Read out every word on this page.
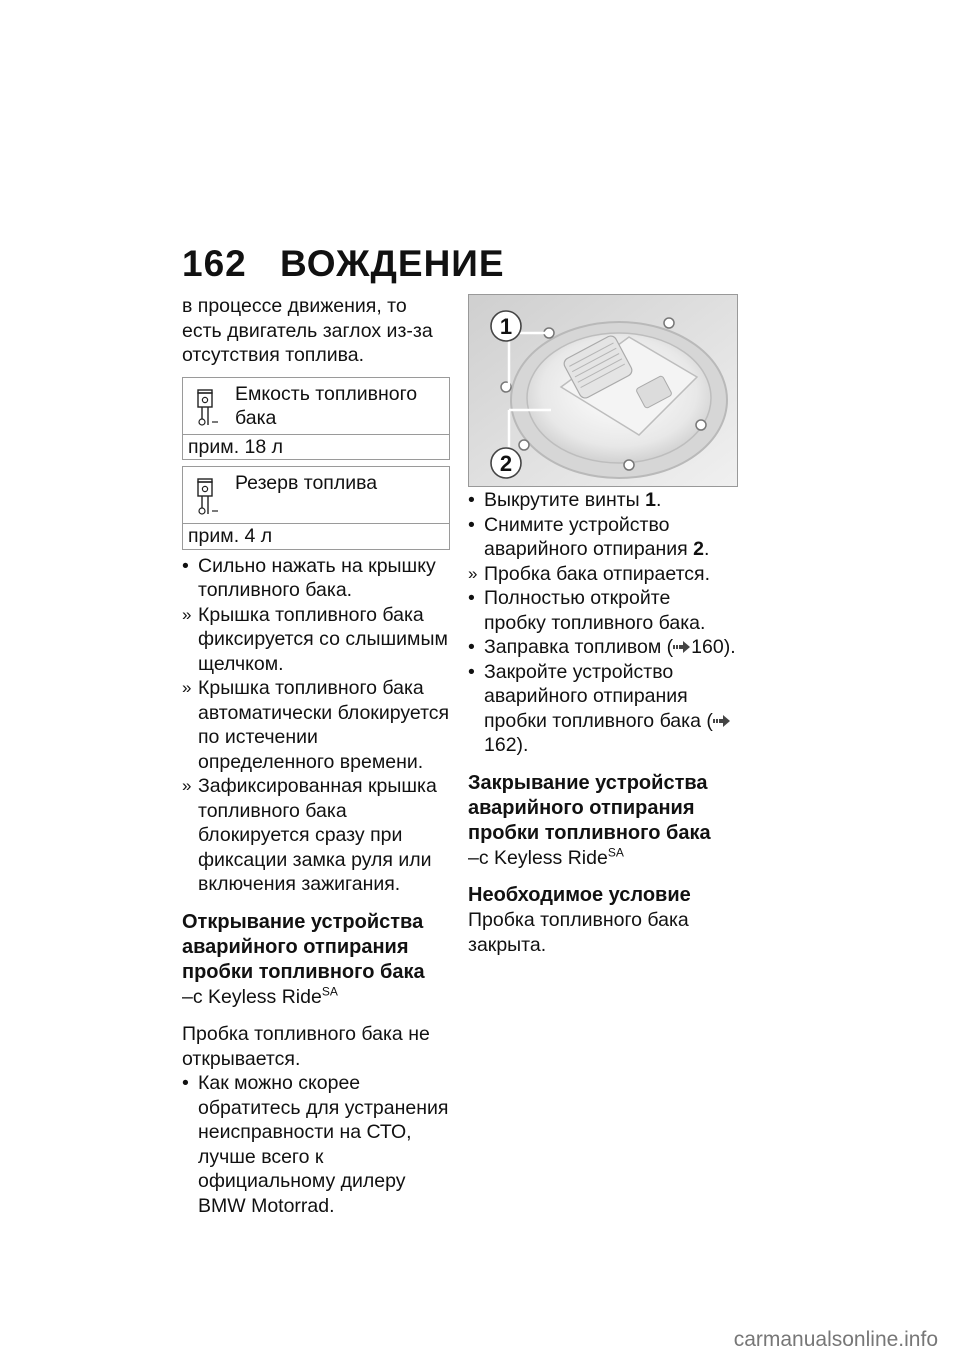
162 ВОЖДЕНИЕ

в процессе движения, то есть двигатель заглох из-за отсутствия топлива.

Емкость топливного бака

прим. 18 л
Резерв топлива

прим. 4 л
• Сильно нажать на крышку топливного бака.
» Крышка топливного бака фиксируется со слышимым щелчком.
» Крышка топливного бака автоматически блокируется по истечении определенного времени.
» Зафиксированная крышка топливного бака блокируется сразу при фиксации замка руля или включения зажигания.

Открывание устройства аварийного отпирания пробки топливного бака

–с Keyless Ride$^{SA}$

Пробка топливного бака не открывается.

• Как можно скорее обратитесь для устранения неисправности на СТО, лучше всего к официальному дилеру BMW Motorrad.
1
2
• Выкрутите винты 1.
• Снимите устройство аварийного отпирания 2.
» Пробка бака отпирается.
• Полностью откройте пробку топливного бака.
• Заправка топливом ( 160).
• Закройте устройство аварийного отпирания пробки топливного бака (162).

Закрывание устройства аварийного отпирания пробки топливного бака

–с Keyless Ride$^{SA}$

Необходимое условие

Пробка топливного бака закрыта.

carmanualsonline.info
